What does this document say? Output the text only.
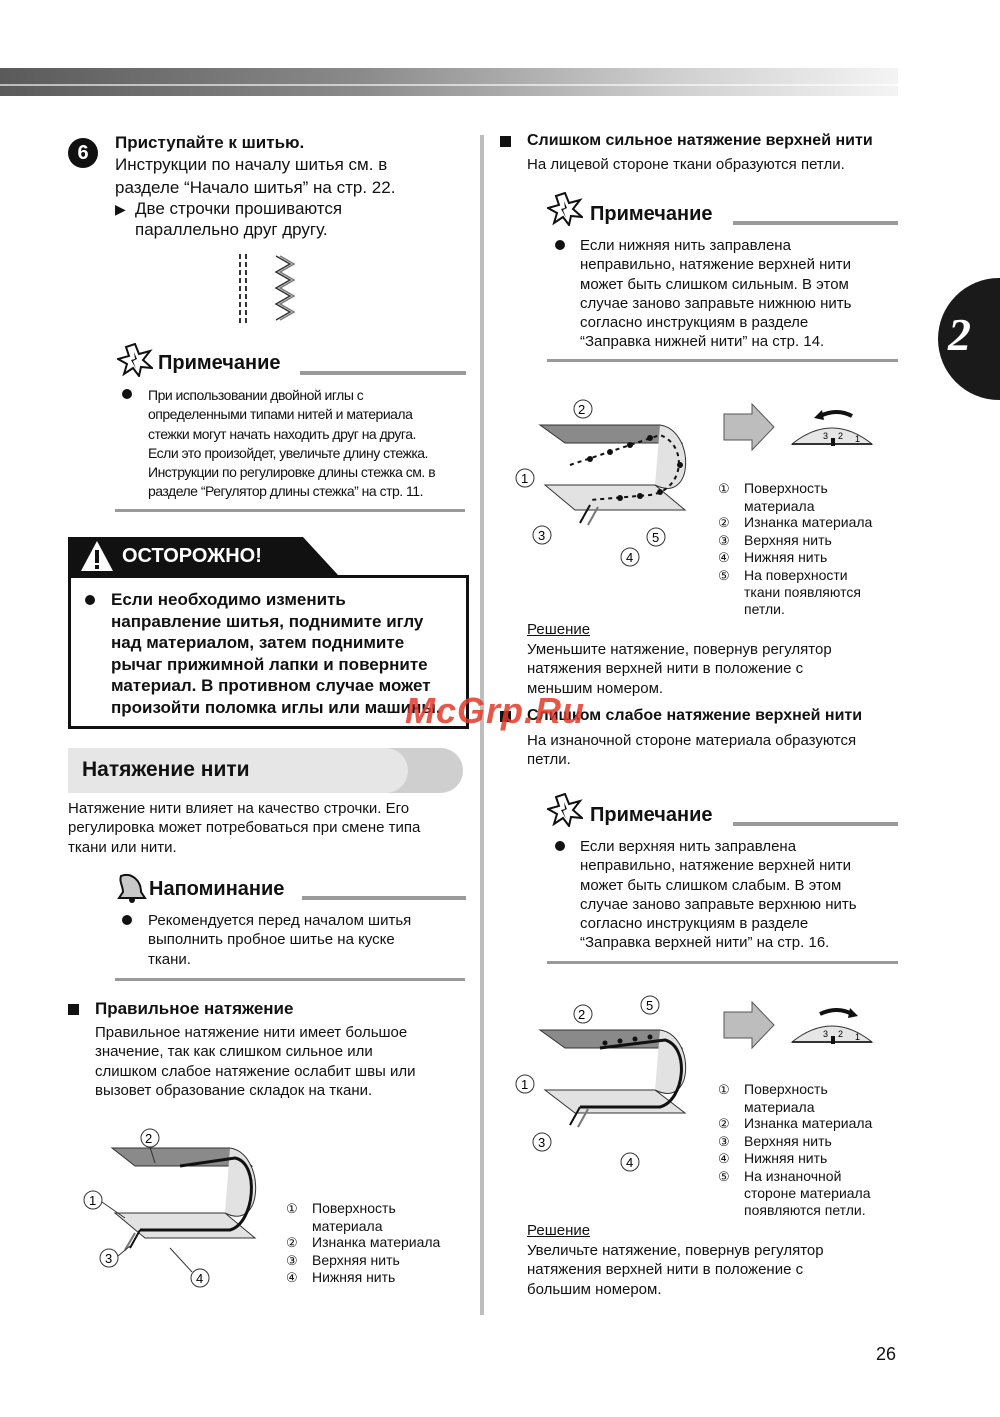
2
6	Приступайте к шитью.
Инструкции по началу шитья см. в
разделе “Начало шитья” на стр. 22.
▶ Две строчки прошиваются
параллельно друг другу.
Примечание
При использовании двойной иглы с
определенными типами нитей и материала
стежки могут начать находить друг на друга.
Если это произойдет, увеличьте длину стежка.
Инструкции по регулировке длины стежка см. в
разделе “Регулятор длины стежка” на стр. 11.
ОСТОРОЖНО!
Если необходимо изменить
направление шитья, поднимите иглу
над материалом, затем поднимите
рычаг прижимной лапки и поверните
материал. В противном случае может
произойти поломка иглы или машины.
Натяжение нити
Натяжение нити влияет на качество строчки. Его
регулировка может потребоваться при смене типа
ткани или нити.
Напоминание
Рекомендуется перед началом шитья
выполнить пробное шитье на куске
ткани.
Правильное натяжение
Правильное натяжение нити имеет большое
значение, так как слишком сильное или
слишком слабое натяжение ослабит швы или
вызовет образование складок на ткани.
2
1
3
4
① Поверхность
материала
② Изнанка материала
③ Верхняя нить
④ Нижняя нить
Слишком сильное натяжение верхней нити
На лицевой стороне ткани образуются петли.
Примечание
Если нижняя нить заправлена
неправильно, натяжение верхней нити
может быть слишком сильным. В этом
случае заново заправьте нижнюю нить
согласно инструкциям в разделе
“Заправка нижней нити” на стр. 14.
2
1
3
4
5
3 2 1
① Поверхность
материала
② Изнанка материала
③ Верхняя нить
④ Нижняя нить
⑤ На поверхности
ткани появляются
петли.
Решение
Уменьшите натяжение, повернув регулятор
натяжения верхней нити в положение с
меньшим номером.
Слишком слабое натяжение верхней нити
На изнаночной стороне материала образуются
петли.
Примечание
Если верхняя нить заправлена
неправильно, натяжение верхней нити
может быть слишком слабым. В этом
случае заново заправьте верхнюю нить
согласно инструкциям в разделе
“Заправка верхней нити” на стр. 16.
2
5
1
3
4
3 2 1
① Поверхность
материала
② Изнанка материала
③ Верхняя нить
④ Нижняя нить
⑤ На изнаночной
стороне материала
появляются петли.
Решение
Увеличьте натяжение, повернув регулятор
натяжения верхней нити в положение с
большим номером.
26
McGrp.Ru
